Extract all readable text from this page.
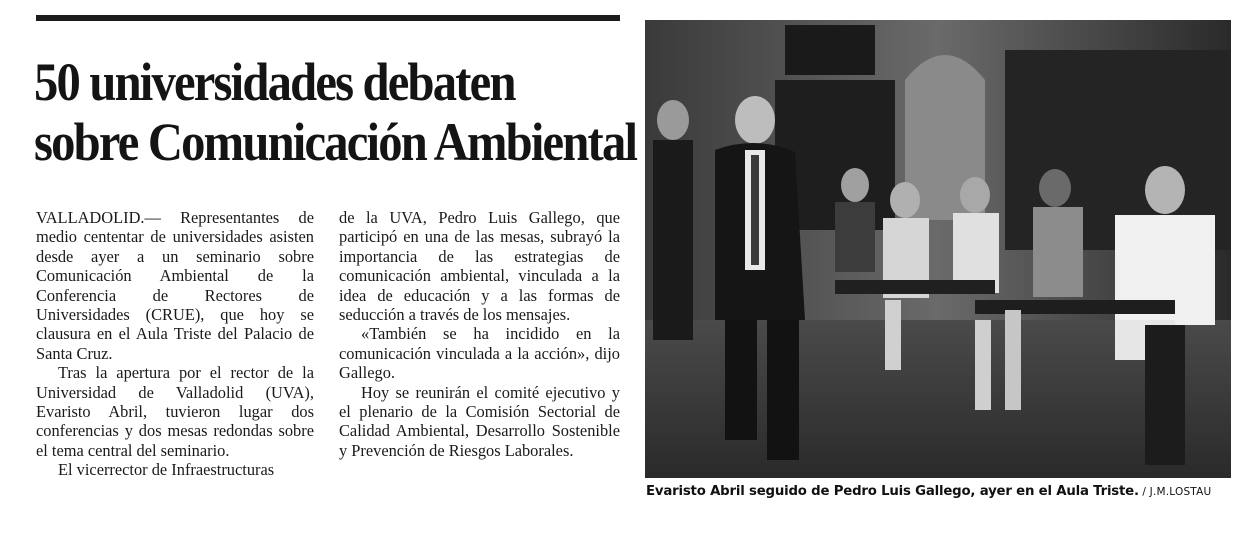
50 universidades debaten
sobre Comunicación Ambiental

VALLADOLID.— Representantes de medio cententar de universidades asisten desde ayer a un seminario sobre Comunicación Ambiental de la Conferencia de Rectores de Universidades (CRUE), que hoy se clausura en el Aula Triste del Palacio de Santa Cruz.

Tras la apertura por el rector de la Universidad de Valladolid (UVA), Evaristo Abril, tuvieron lugar dos conferencias y dos mesas redondas sobre el tema central del seminario.

El vicerrector de Infraestructuras

de la UVA, Pedro Luis Gallego, que participó en una de las mesas, subrayó la importancia de las estrategias de comunicación ambiental, vinculada a la idea de educación y a las formas de seducción a través de los mensajes.

«También se ha incidido en la comunicación vinculada a la acción», dijo Gallego.

Hoy se reunirán el comité ejecutivo y el plenario de la Comisión Sectorial de Calidad Ambiental, Desarrollo Sostenible y Prevención de Riesgos Laborales.

Evaristo Abril seguido de Pedro Luis Gallego, ayer en el Aula Triste. / J.M.LOSTAU
